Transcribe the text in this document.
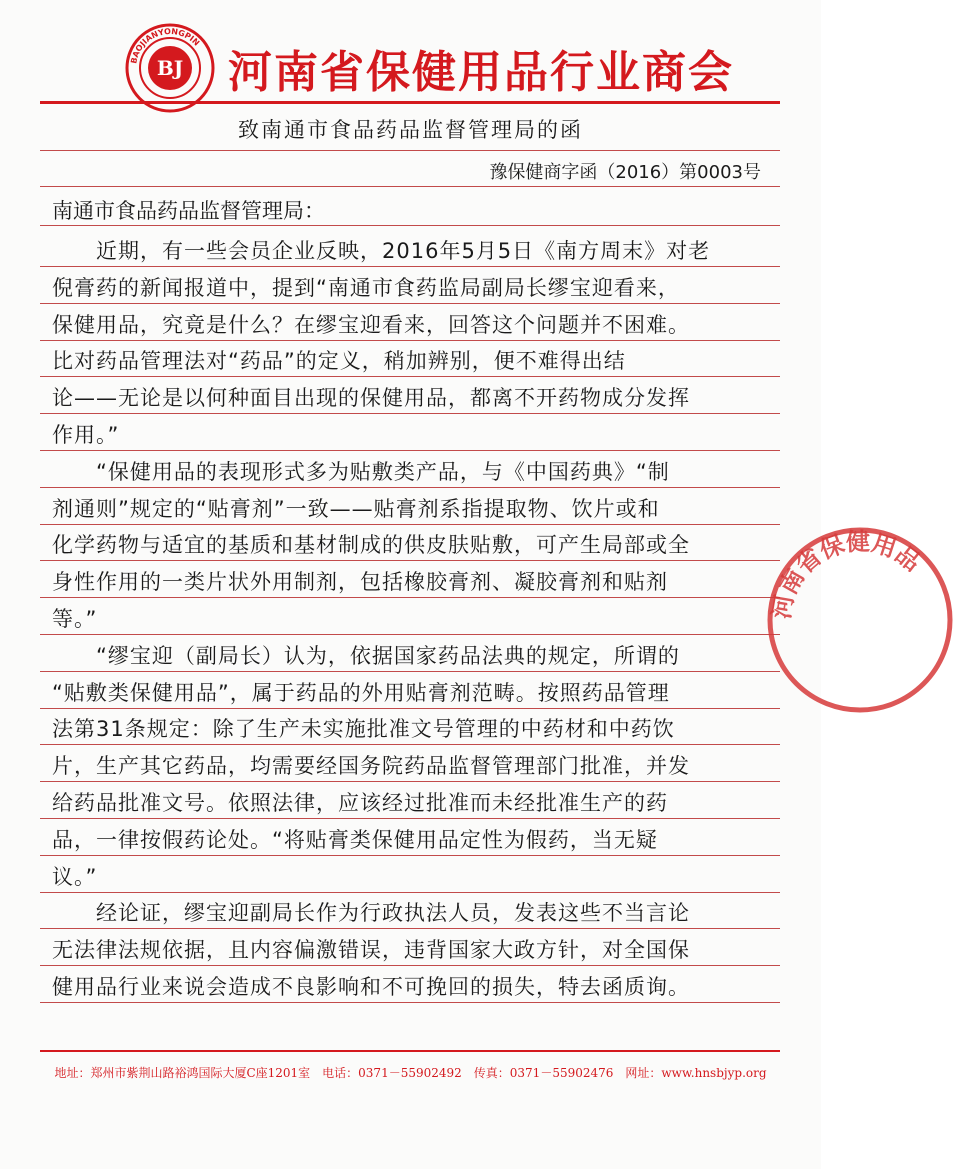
BAOJIANYONGPIN
BJ 河南省保健用品行业商会
致南通市食品药品监督管理局的函
豫保健商字函（2016）第0003号
南通市食品药品监督管理局：
　　近期，有一些会员企业反映，2016年5月5日《南方周末》对老
倪膏药的新闻报道中，提到“南通市食药监局副局长缪宝迎看来，
保健用品，究竟是什么？在缪宝迎看来，回答这个问题并不困难。
比对药品管理法对“药品”的定义，稍加辨别，便不难得出结
论——无论是以何种面目出现的保健用品，都离不开药物成分发挥
作用。”
　　“保健用品的表现形式多为贴敷类产品，与《中国药典》“制
剂通则”规定的“贴膏剂”一致——贴膏剂系指提取物、饮片或和
化学药物与适宜的基质和基材制成的供皮肤贴敷，可产生局部或全
身性作用的一类片状外用制剂，包括橡胶膏剂、凝胶膏剂和贴剂
等。”
　　“缪宝迎（副局长）认为，依据国家药品法典的规定，所谓的
“贴敷类保健用品”，属于药品的外用贴膏剂范畴。按照药品管理
法第31条规定：除了生产未实施批准文号管理的中药材和中药饮
片，生产其它药品，均需要经国务院药品监督管理部门批准，并发
给药品批准文号。依照法律，应该经过批准而未经批准生产的药
品，一律按假药论处。“将贴膏类保健用品定性为假药，当无疑
议。”
　　经论证，缪宝迎副局长作为行政执法人员，发表这些不当言论
无法律法规依据，且内容偏激错误，违背国家大政方针，对全国保
健用品行业来说会造成不良影响和不可挽回的损失，特去函质询。
地址：郑州市紫荆山路裕鸿国际大厦C座1201室　电话：0371－55902492　传真：0371－55902476　网址：www.hnsbjyp.org
河南省保健用品
